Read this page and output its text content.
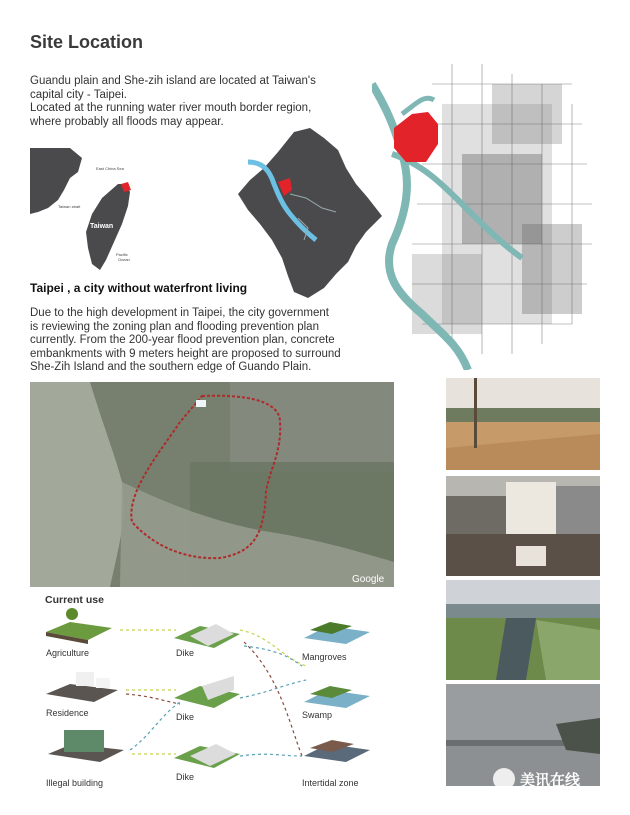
Site Location
Guandu plain and She-zih island are located at Taiwan's
capital city - Taipei.
Located at the running water river mouth border region,
where probably all floods may appear.
East China Sea
Taiwan strait
Taiwan
Pacific
Ocean
Taipei , a city without waterfront living
Due to the high development in Taipei, the city government
is reviewing the zoning plan and flooding prevention plan
currently. From the 200-year flood prevention plan, concrete
embankments with 9 meters height are proposed to surround
She-Zih Island and the southern edge of Guando Plain.
Google
Current use
Agriculture
Residence
Illegal building
Dike
Dike
Dike
Mangroves
Swamp
Intertidal zone	美讯在线
WWW.MS699.COM
